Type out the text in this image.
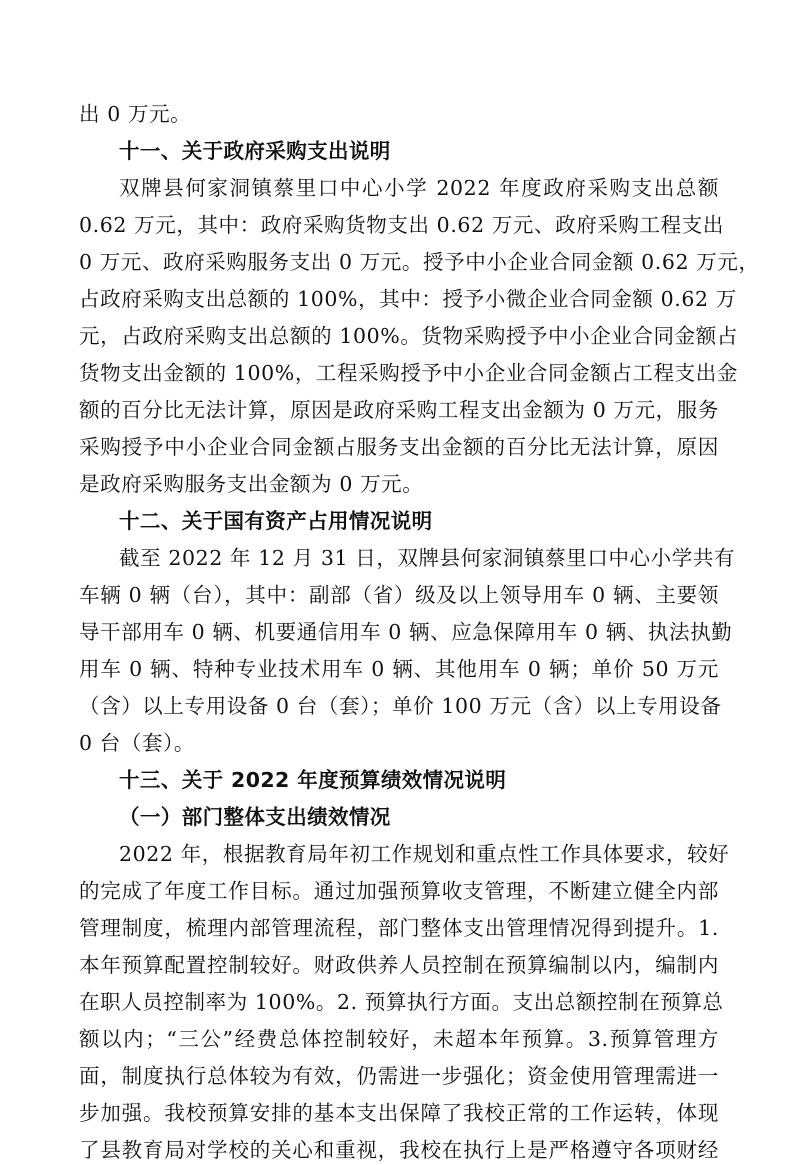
出 0 万元。
十一、关于政府采购支出说明
双牌县何家洞镇蔡里口中心小学 2022 年度政府采购支出总额
0.62 万元，其中：政府采购货物支出 0.62 万元、政府采购工程支出
0 万元、政府采购服务支出 0 万元。授予中小企业合同金额 0.62 万元，
占政府采购支出总额的 100%，其中：授予小微企业合同金额 0.62 万
元，占政府采购支出总额的 100%。货物采购授予中小企业合同金额占
货物支出金额的 100%，工程采购授予中小企业合同金额占工程支出金
额的百分比无法计算，原因是政府采购工程支出金额为 0 万元，服务
采购授予中小企业合同金额占服务支出金额的百分比无法计算，原因
是政府采购服务支出金额为 0 万元。
十二、关于国有资产占用情况说明
截至 2022 年 12 月 31 日，双牌县何家洞镇蔡里口中心小学共有
车辆 0 辆（台），其中：副部（省）级及以上领导用车 0 辆、主要领
导干部用车 0 辆、机要通信用车 0 辆、应急保障用车 0 辆、执法执勤
用车 0 辆、特种专业技术用车 0 辆、其他用车 0 辆；单价 50 万元
（含）以上专用设备 0 台（套）；单价 100 万元（含）以上专用设备
0 台（套）。
十三、关于 2022 年度预算绩效情况说明
（一）部门整体支出绩效情况
2022 年，根据教育局年初工作规划和重点性工作具体要求，较好
的完成了年度工作目标。通过加强预算收支管理，不断建立健全内部
管理制度，梳理内部管理流程，部门整体支出管理情况得到提升。1.
本年预算配置控制较好。财政供养人员控制在预算编制以内，编制内
在职人员控制率为 100%。2. 预算执行方面。支出总额控制在预算总
额以内；“三公”经费总体控制较好，未超本年预算。3.预算管理方
面，制度执行总体较为有效，仍需进一步强化；资金使用管理需进一
步加强。我校预算安排的基本支出保障了我校正常的工作运转，体现
了县教育局对学校的关心和重视，我校在执行上是严格遵守各项财经
